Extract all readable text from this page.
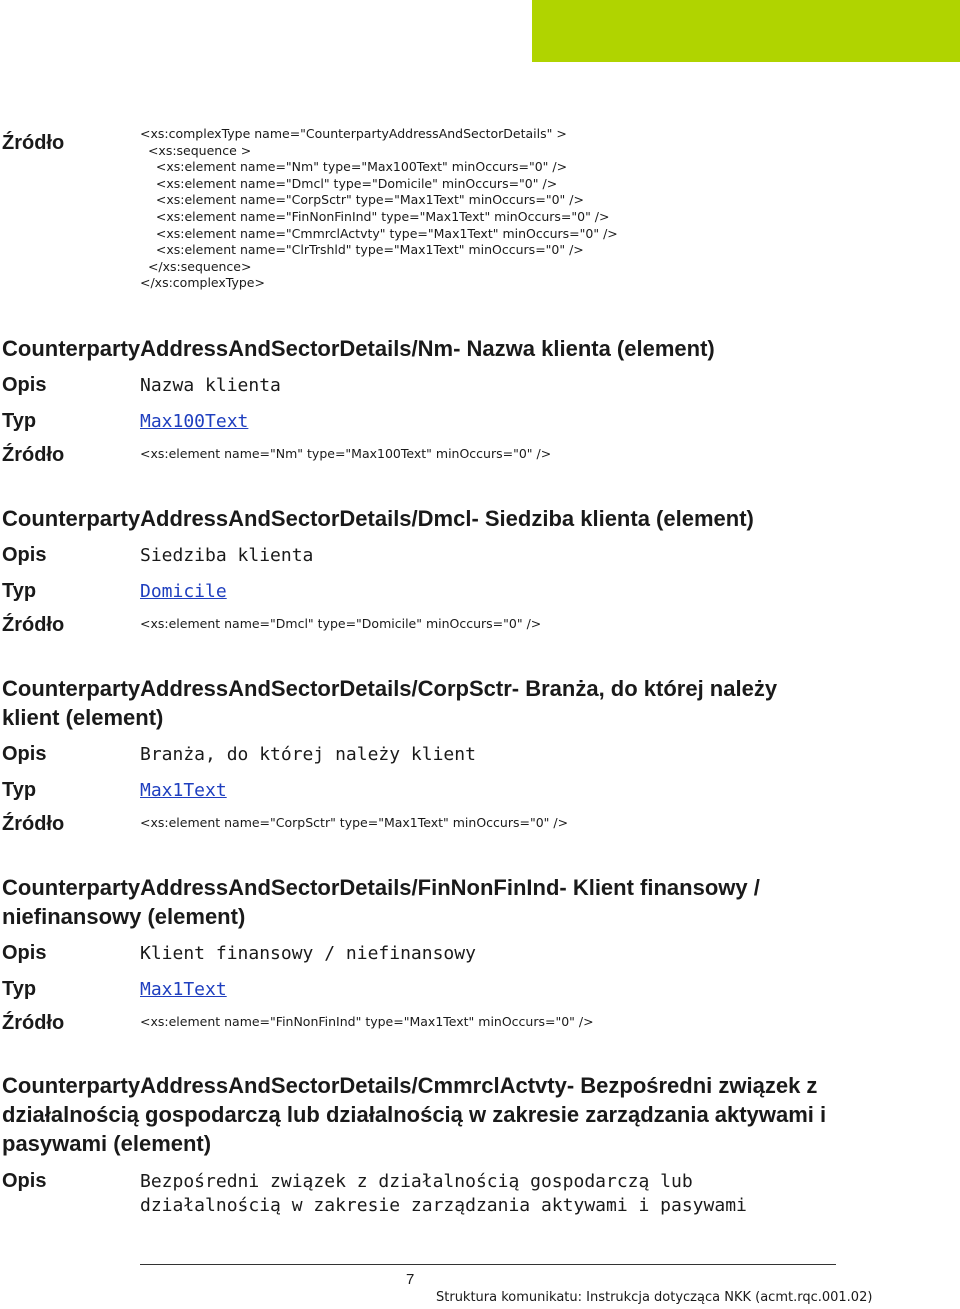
Źródło	<xs:complexType name="CounterpartyAddressAndSectorDetails" >
<xs:sequence >
<xs:element name="Nm" type="Max100Text" minOccurs="0" />
<xs:element name="Dmcl" type="Domicile" minOccurs="0" />
<xs:element name="CorpSctr" type="Max1Text" minOccurs="0" />
<xs:element name="FinNonFinInd" type="Max1Text" minOccurs="0" />
<xs:element name="CmmrclActvty" type="Max1Text" minOccurs="0" />
<xs:element name="ClrTrshld" type="Max1Text" minOccurs="0" />
</xs:sequence>
</xs:complexType>
CounterpartyAddressAndSectorDetails/Nm- Nazwa klienta (element)
Opis	Nazwa klienta
Typ	Max100Text
Źródło	<xs:element name="Nm" type="Max100Text" minOccurs="0" />
CounterpartyAddressAndSectorDetails/Dmcl- Siedziba klienta (element)
Opis	Siedziba klienta
Typ	Domicile
Źródło	<xs:element name="Dmcl" type="Domicile" minOccurs="0" />
CounterpartyAddressAndSectorDetails/CorpSctr- Branża, do której należy klient (element)
Opis	Branża, do której należy klient
Typ	Max1Text
Źródło	<xs:element name="CorpSctr" type="Max1Text" minOccurs="0" />
CounterpartyAddressAndSectorDetails/FinNonFinInd- Klient finansowy / niefinansowy (element)
Opis	Klient finansowy / niefinansowy
Typ	Max1Text
Źródło	<xs:element name="FinNonFinInd" type="Max1Text" minOccurs="0" />
CounterpartyAddressAndSectorDetails/CmmrclActvty- Bezpośredni związek z działalnością gospodarczą lub działalnością w zakresie zarządzania aktywami i pasywami (element)
Opis	Bezpośredni związek z działalnością gospodarczą lub działalnością w zakresie zarządzania aktywami i pasywami
7
Struktura komunikatu: Instrukcja dotycząca NKK (acmt.rqc.001.02)
